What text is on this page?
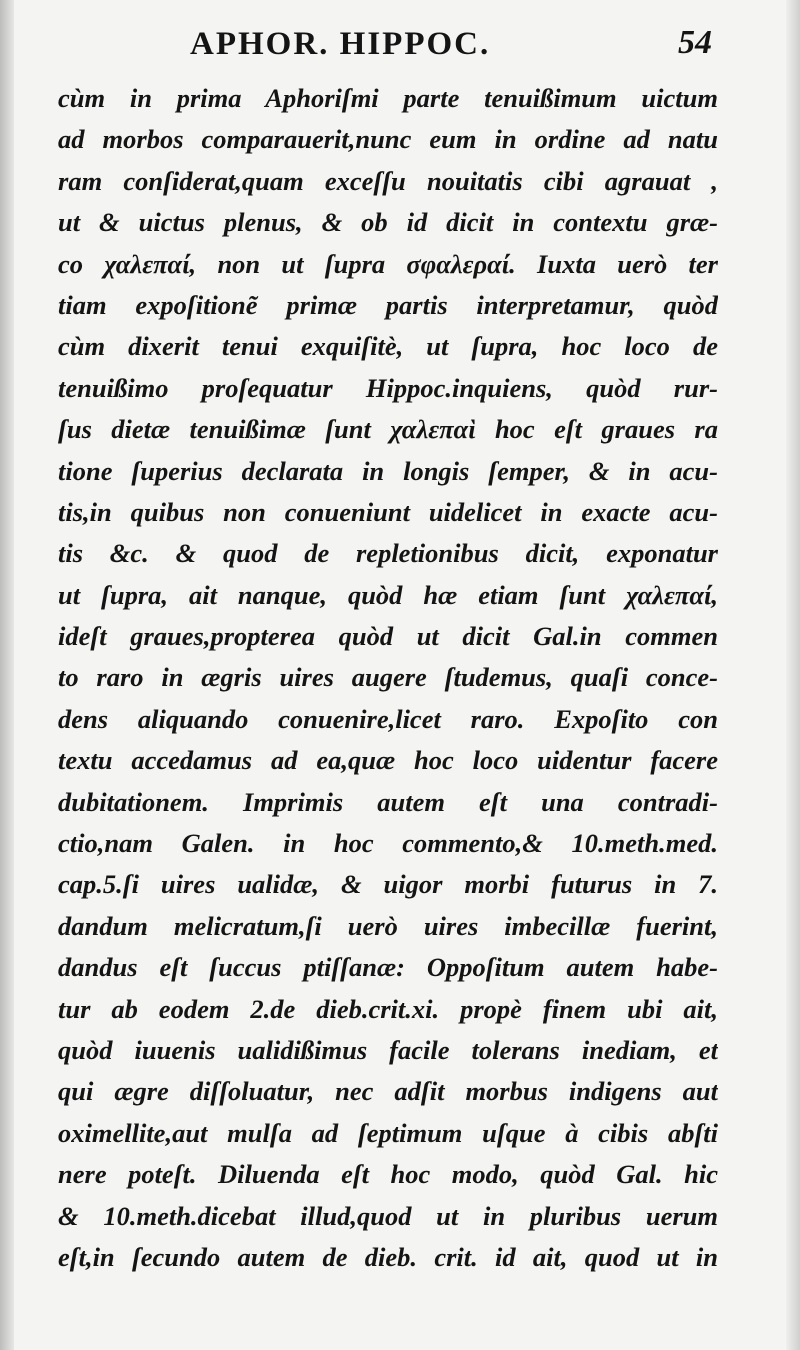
APHOR. HIPPOC.	54
cùm in prima Aphoriſmi parte tenuißimum uictum
ad morbos comparauerit,nunc eum in ordine ad natu
ram conſiderat,quam exceſſu nouitatis cibi agrauat ,
ut & uictus plenus, & ob id dicit in contextu græ-
co χαλεπαί, non ut ſupra σφαλεραί. Iuxta uerò ter
tiam expoſitionẽ primæ partis interpretamur, quòd
cùm dixerit tenui exquiſitè, ut ſupra, hoc loco de
tenuißimo proſequatur Hippoc.inquiens, quòd rur-
ſus dietæ tenuißimæ ſunt χαλεπαὶ hoc eſt graues ra
tione ſuperius declarata in longis ſemper, & in acu-
tis,in quibus non conueniunt uidelicet in exacte acu-
tis &c. & quod de repletionibus dicit, exponatur
ut ſupra, ait nanque, quòd hæ etiam ſunt χαλεπαί,
ideſt graues,propterea quòd ut dicit Gal.in commen
to raro in ægris uires augere ſtudemus, quaſi conce-
dens aliquando conuenire,licet raro. Expoſito con
textu accedamus ad ea,quæ hoc loco uidentur facere
dubitationem. Imprimis autem eſt una contradi-
ctio,nam Galen. in hoc commento,& 10.meth.med.
cap.5.ſi uires ualidæ, & uigor morbi futurus in 7.
dandum melicratum,ſi uerò uires imbecillæ fuerint,
dandus eſt ſuccus ptiſſanæ: Oppoſitum autem habe-
tur ab eodem 2.de dieb.crit.xi. propè finem ubi ait,
quòd iuuenis ualidißimus facile tolerans inediam, et
qui ægre diſſoluatur, nec adſit morbus indigens aut
oximellite,aut mulſa ad ſeptimum uſque à cibis abſti
nere poteſt. Diluenda eſt hoc modo, quòd Gal. hic
& 10.meth.dicebat illud,quod ut in pluribus uerum
eſt,in ſecundo autem de dieb. crit. id ait, quod ut in
